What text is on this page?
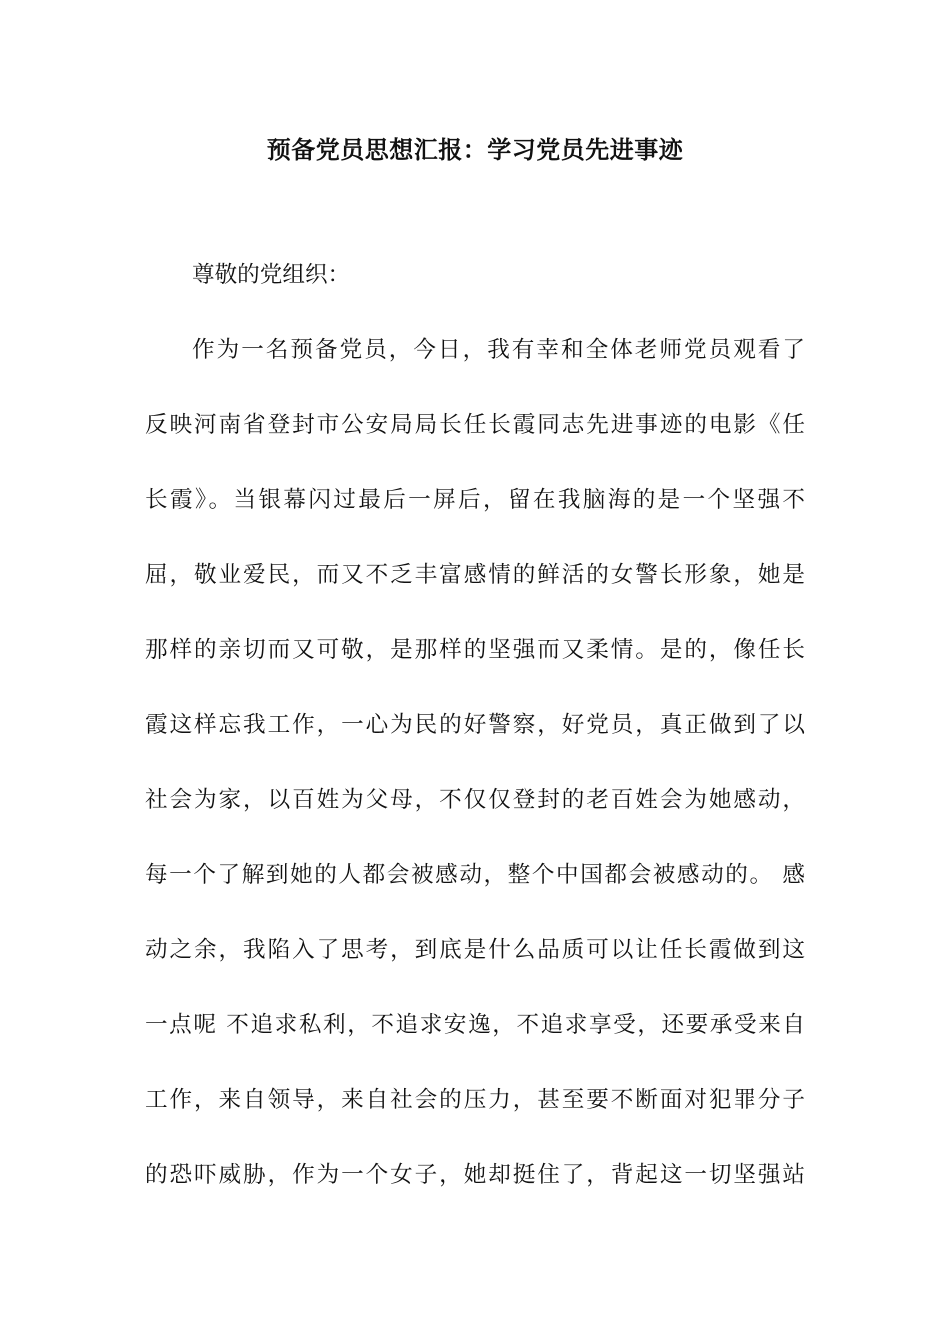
预备党员思想汇报：学习党员先进事迹
尊敬的党组织：
作为一名预备党员，今日，我有幸和全体老师党员观看了
反映河南省登封市公安局局长任长霞同志先进事迹的电影《任
长霞》。当银幕闪过最后一屏后，留在我脑海的是一个坚强不
屈，敬业爱民，而又不乏丰富感情的鲜活的女警长形象，她是
那样的亲切而又可敬，是那样的坚强而又柔情。是的，像任长
霞这样忘我工作，一心为民的好警察，好党员，真正做到了以
社会为家，以百姓为父母，不仅仅登封的老百姓会为她感动，
每一个了解到她的人都会被感动，整个中国都会被感动的。 感
动之余，我陷入了思考，到底是什么品质可以让任长霞做到这
一点呢 不追求私利，不追求安逸，不追求享受，还要承受来自
工作，来自领导，来自社会的压力，甚至要不断面对犯罪分子
的恐吓威胁，作为一个女子，她却挺住了，背起这一切坚强站
